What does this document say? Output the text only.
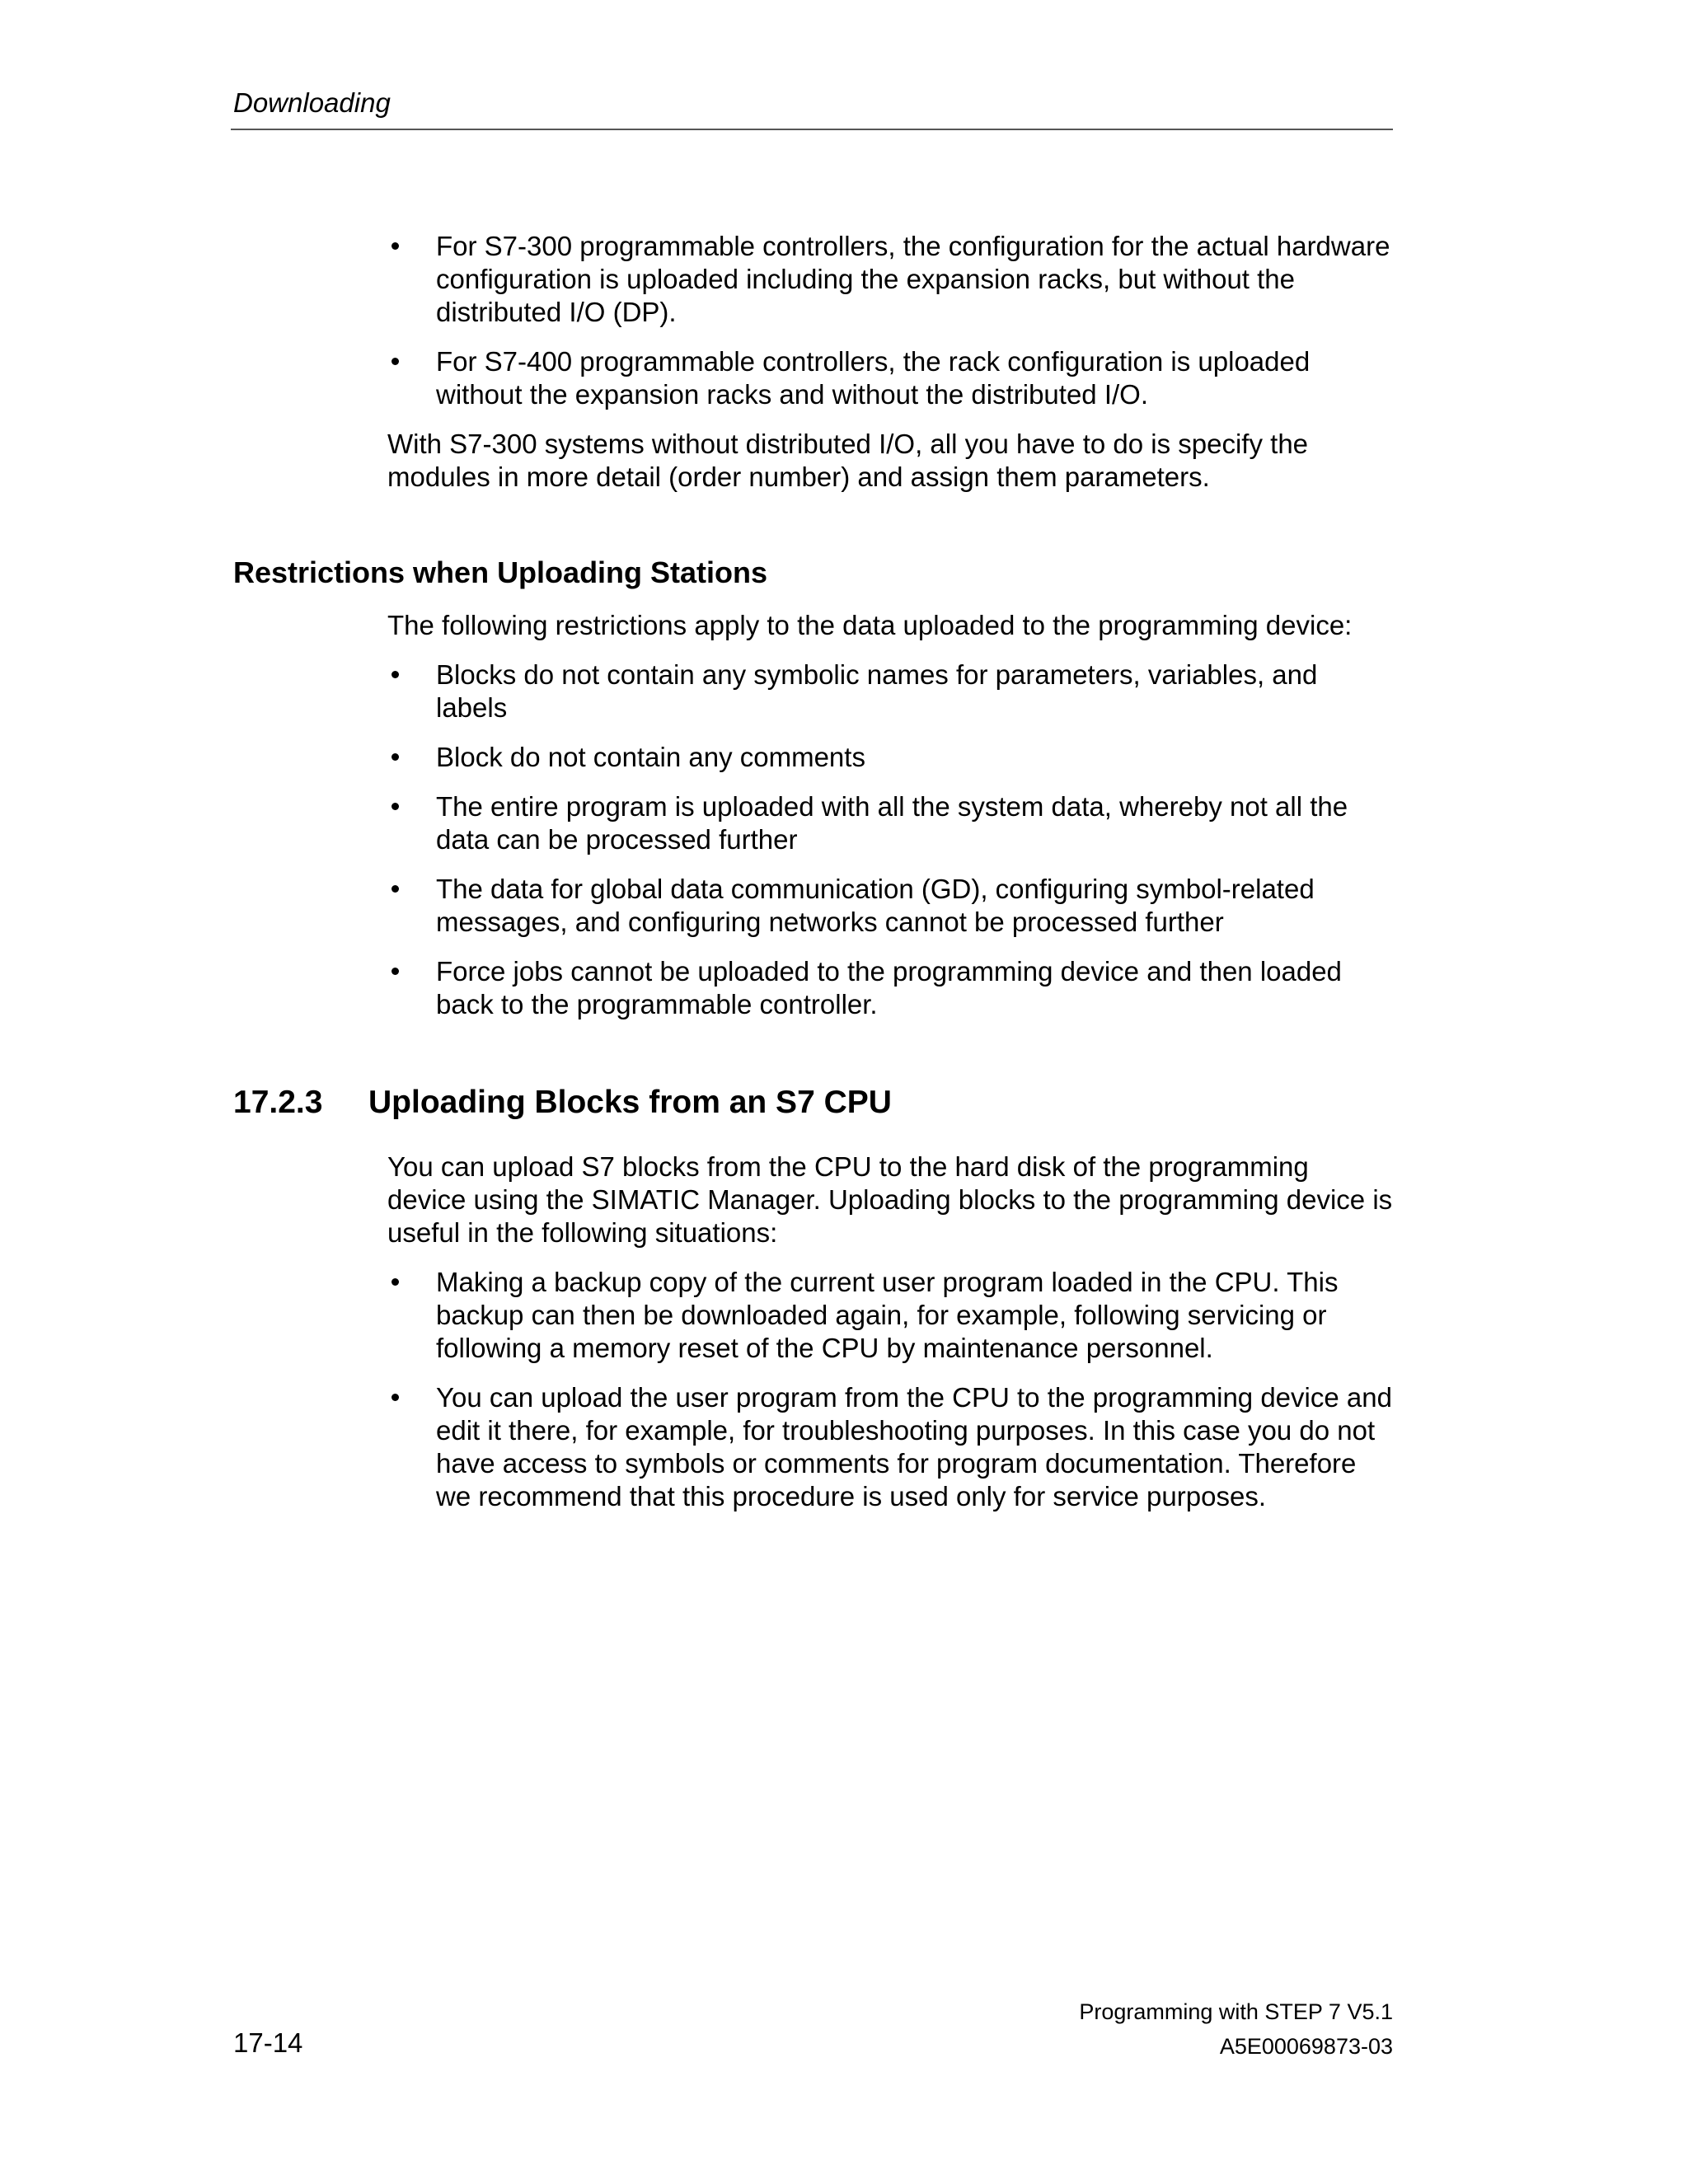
Downloading
For S7-300 programmable controllers, the configuration for the actual hardware configuration is uploaded including the expansion racks, but without the distributed I/O (DP).
For S7-400 programmable controllers, the rack configuration is uploaded without the expansion racks and without the distributed I/O.

With S7-300 systems without distributed I/O, all you have to do is specify the modules in more detail (order number) and assign them parameters.

Restrictions when Uploading Stations

The following restrictions apply to the data uploaded to the programming device:

Blocks do not contain any symbolic names for parameters, variables, and labels
Block do not contain any comments
The entire program is uploaded with all the system data, whereby not all the data can be processed further
The data for global data communication (GD), configuring symbol-related messages, and configuring networks cannot be processed further
Force jobs cannot be uploaded to the programming device and then loaded back to the programmable controller.
17.2.3 Uploading Blocks from an S7 CPU

You can upload S7 blocks from the CPU to the hard disk of the programming device using the SIMATIC Manager. Uploading blocks to the programming device is useful in the following situations:

Making a backup copy of the current user program loaded in the CPU. This backup can then be downloaded again, for example, following servicing or following a memory reset of the CPU by maintenance personnel.
You can upload the user program from the CPU to the programming device and edit it there, for example, for troubleshooting purposes. In this case you do not have access to symbols or comments for program documentation. Therefore we recommend that this procedure is used only for service purposes.
Programming with STEP 7 V5.1
17-14	A5E00069873-03
